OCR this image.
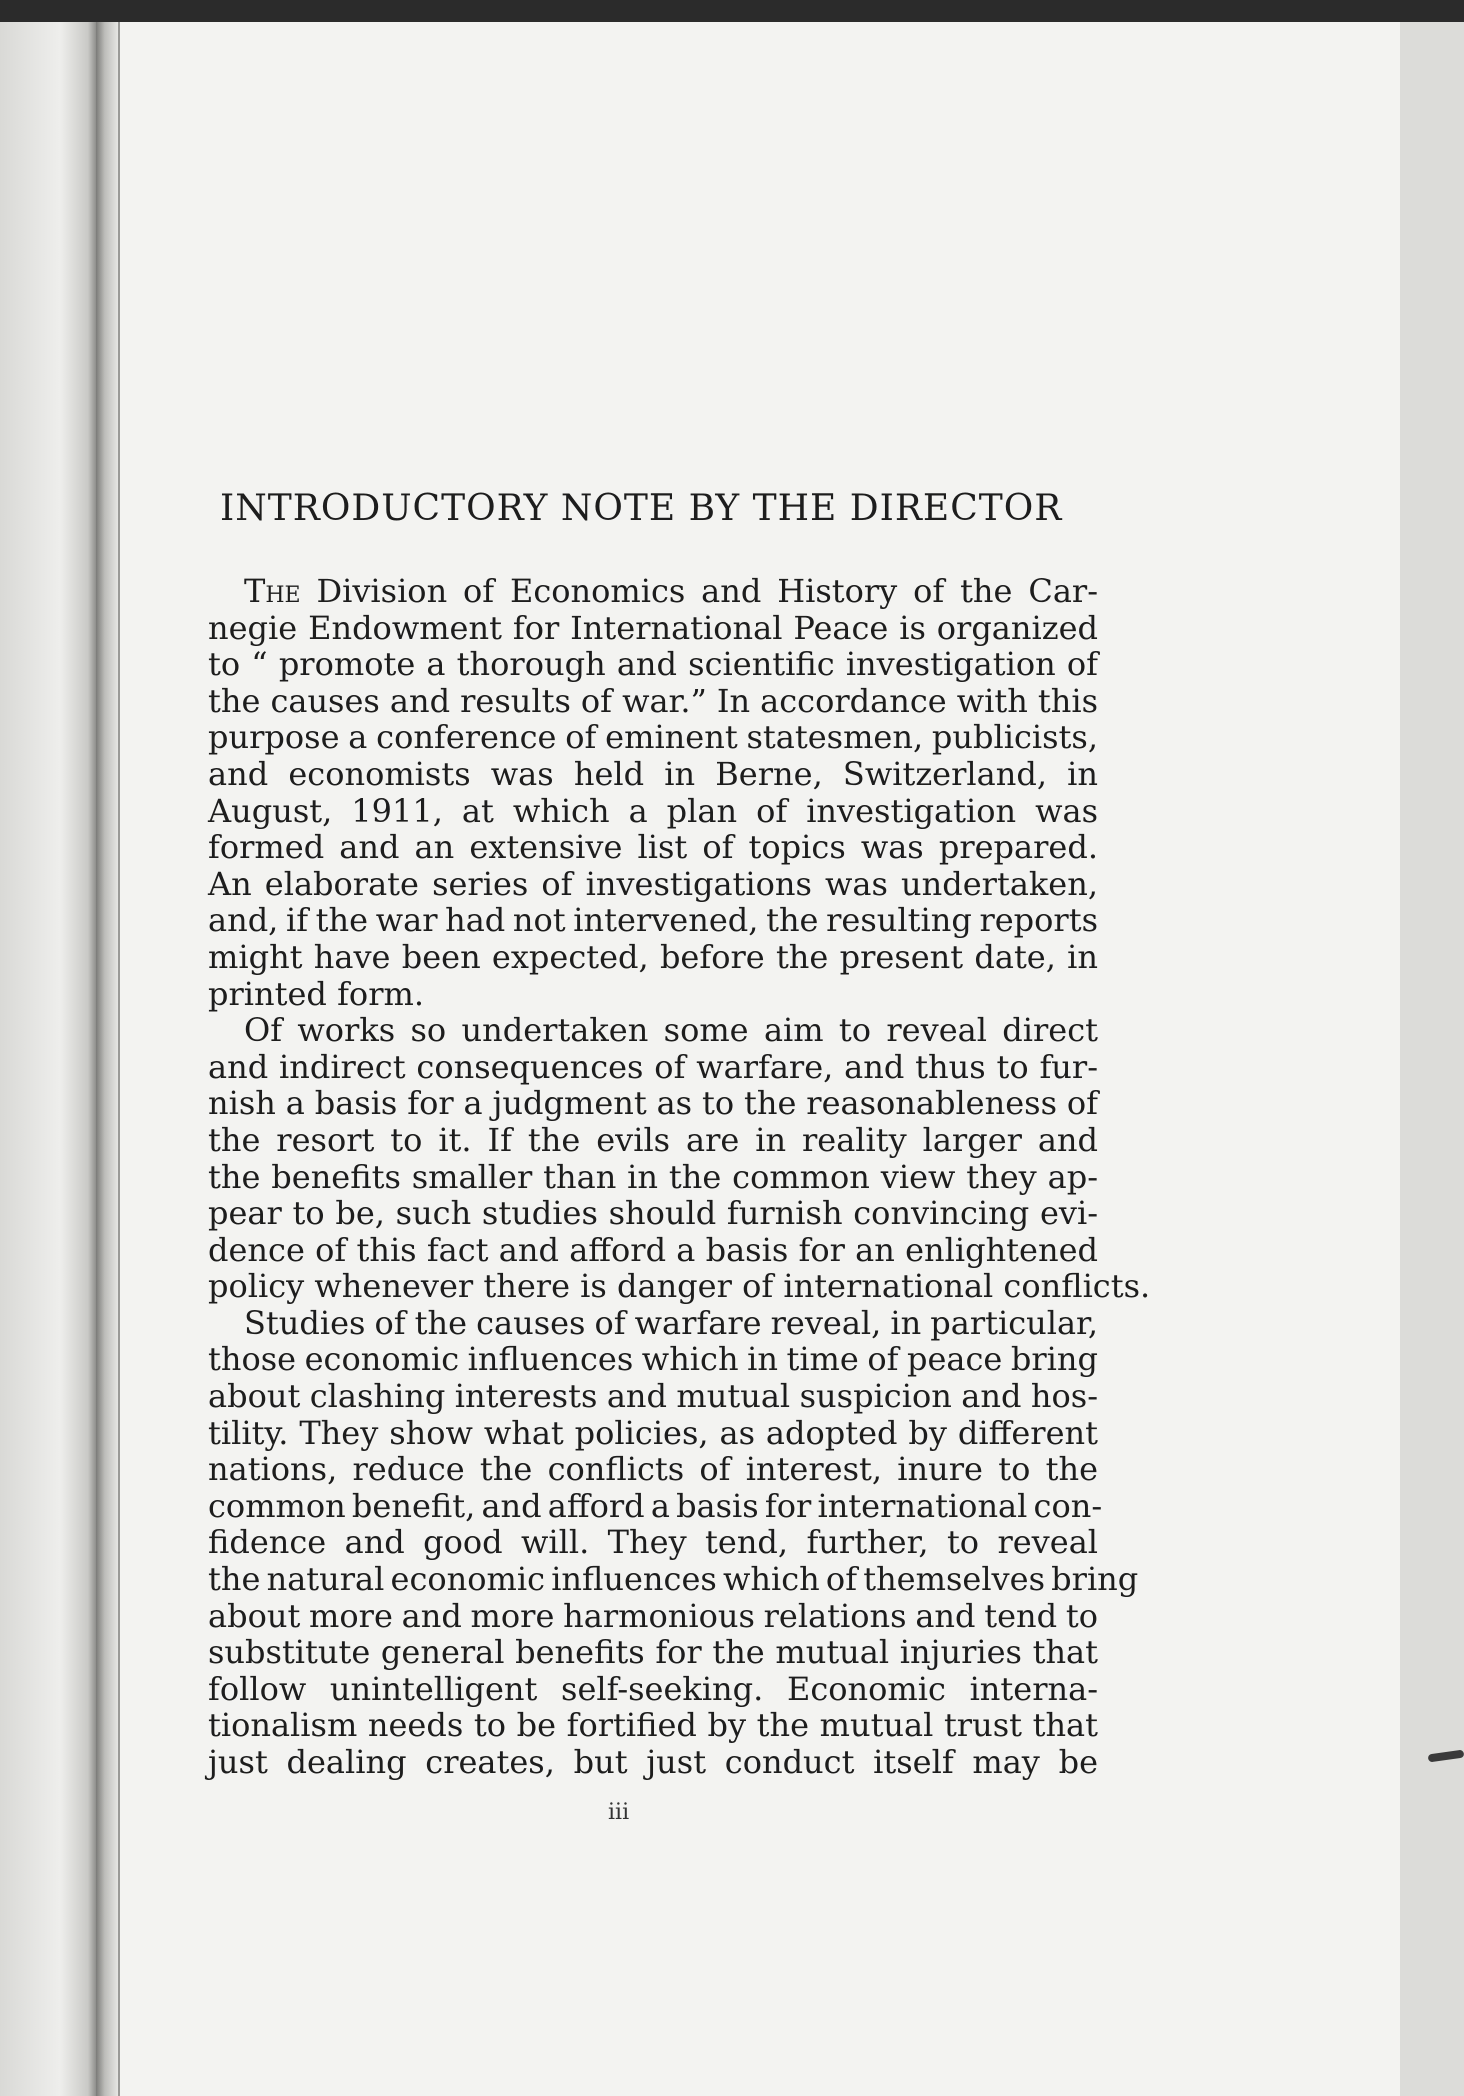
INTRODUCTORY NOTE BY THE DIRECTOR

The Division of Economics and History of the Car-
negie Endowment for International Peace is organized
to “ promote a thorough and scientific investigation of
the causes and results of war.” In accordance with this
purpose a conference of eminent statesmen, publicists,
and economists was held in Berne, Switzerland, in
August, 1911, at which a plan of investigation was
formed and an extensive list of topics was prepared.
An elaborate series of investigations was undertaken,
and, if the war had not intervened, the resulting reports
might have been expected, before the present date, in
printed form.

Of works so undertaken some aim to reveal direct
and indirect consequences of warfare, and thus to fur-
nish a basis for a judgment as to the reasonableness of
the resort to it. If the evils are in reality larger and
the benefits smaller than in the common view they ap-
pear to be, such studies should furnish convincing evi-
dence of this fact and afford a basis for an enlightened
policy whenever there is danger of international conflicts.

Studies of the causes of warfare reveal, in particular,
those economic influences which in time of peace bring
about clashing interests and mutual suspicion and hos-
tility. They show what policies, as adopted by different
nations, reduce the conflicts of interest, inure to the
common benefit, and afford a basis for international con-
fidence and good will. They tend, further, to reveal
the natural economic influences which of themselves bring
about more and more harmonious relations and tend to
substitute general benefits for the mutual injuries that
follow unintelligent self-seeking. Economic interna-
tionalism needs to be fortified by the mutual trust that
just dealing creates, but just conduct itself may be

iii
